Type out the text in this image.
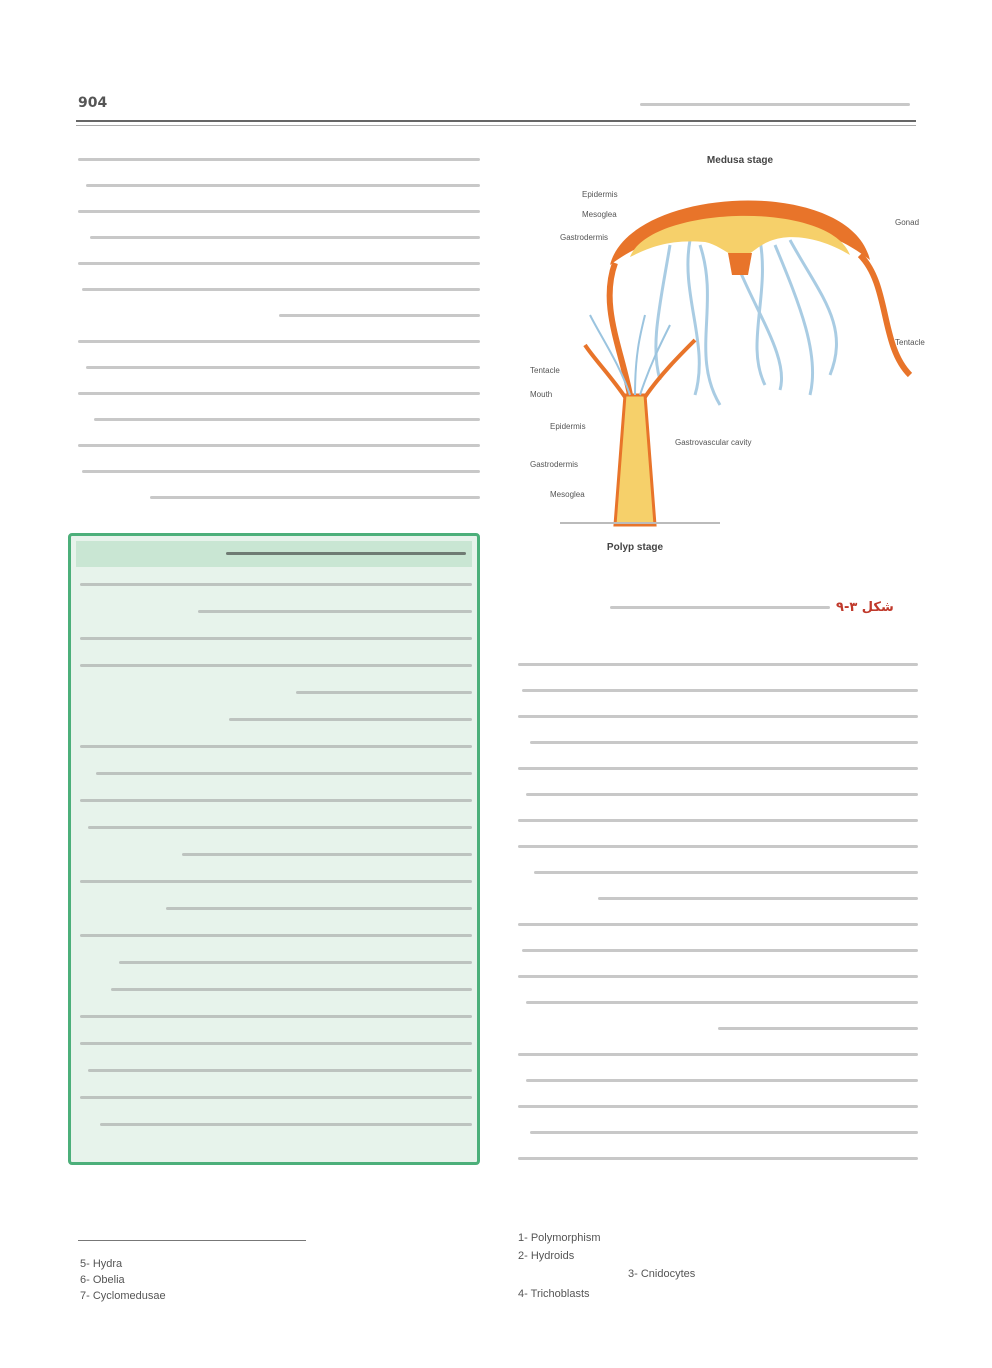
904
Medusa stage
Epidermis
Mesoglea
Gastrodermis
Gonad
Tentacle
Gastrovascular cavity
Tentacle
Mouth
Epidermis
Gastrodermis
Mesoglea
Polyp stage
شکل ۳-۹
5- Hydra
6- Obelia
7- Cyclomedusae
1- Polymorphism
2- Hydroids
3- Cnidocytes
4- Trichoblasts
